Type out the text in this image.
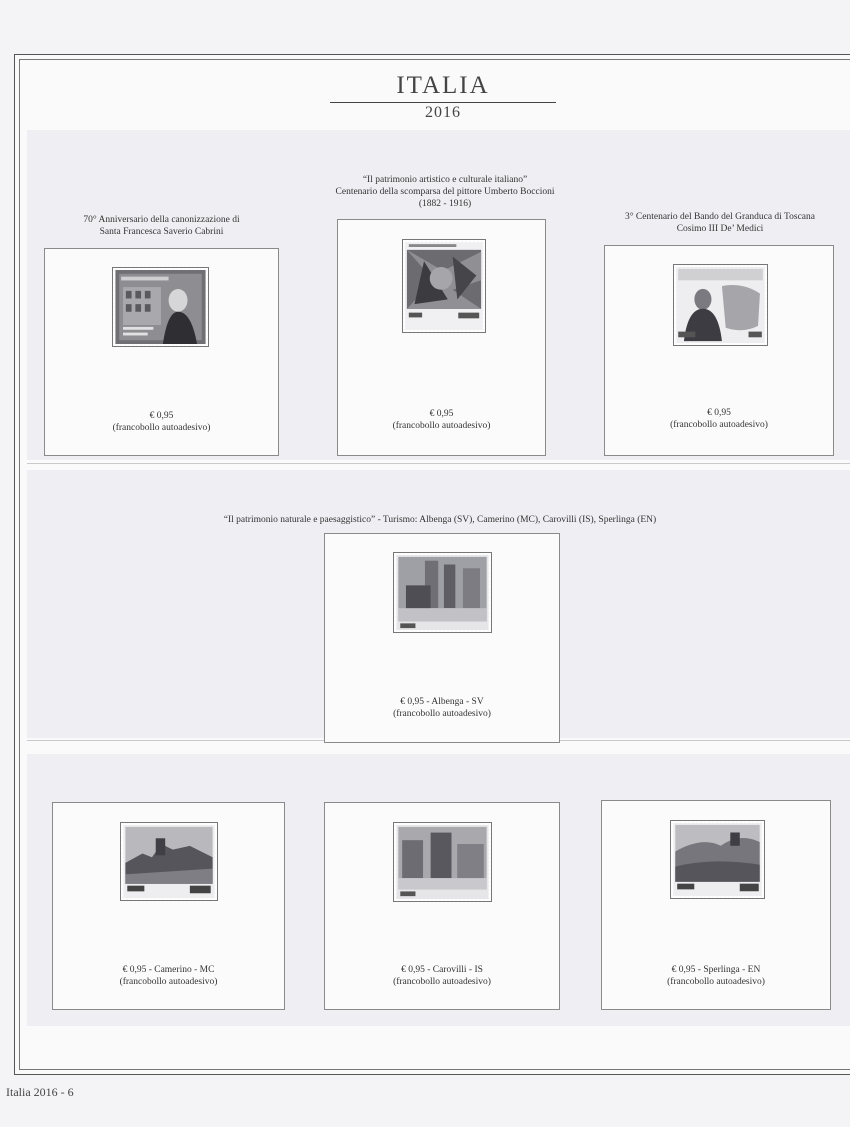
ITALIA
2016
70° Anniversario della canonizzazione di
Santa Francesca Saverio Cabrini
“Il patrimonio artistico e culturale italiano”
Centenario della scomparsa del pittore Umberto Boccioni
(1882 - 1916)
3° Centenario del Bando del Granduca di Toscana
Cosimo III De’ Medici
€ 0,95
(francobollo autoadesivo)
€ 0,95
(francobollo autoadesivo)
€ 0,95
(francobollo autoadesivo)
“Il patrimonio naturale e paesaggistico” - Turismo: Albenga (SV), Camerino (MC), Carovilli (IS), Sperlinga (EN)
€ 0,95 - Albenga - SV
(francobollo autoadesivo)
€ 0,95 - Camerino - MC
(francobollo autoadesivo)
€ 0,95 - Carovilli - IS
(francobollo autoadesivo)
€ 0,95 - Sperlinga - EN
(francobollo autoadesivo)
Italia 2016 - 6
